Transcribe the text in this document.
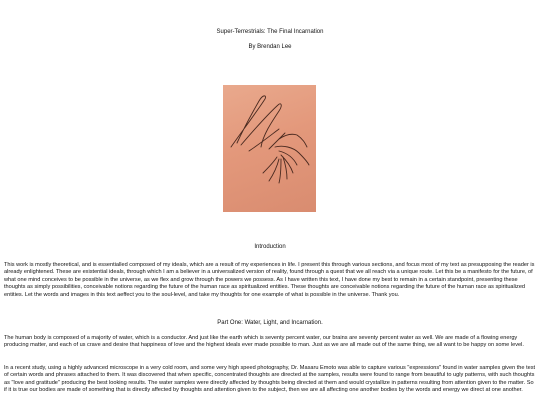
Super-Terrestrials: The Final Incarnation
By Brendan Lee
Introduction

This work is mostly theoretical, and is essentialled composed of my ideals, which are a result of my experiences in life. I present this through various sections, and focus most of my text as presupposing the reader is already enlightened. These are existential ideals, through which I am a believer in a universalized version of reality, found through a quest that we all reach via a unique route. Let this be a manifesto for the future, of what one mind conceives to be possible in the universe, as we flex and grow through the powers we possess. As I have written this text, I have done my best to remain in a certain standpoint, presenting these thoughts as simply possibilities, conceivable notions regarding the future of the human race as spiritualized entities. These thoughts are conceivable notions regarding the future of the human race as spiritualized entities. Let the words and images in this text aeffect you to the soul-level, and take my thoughts for one example of what is possible in the universe. Thank you.

Part One: Water, Light, and Incarnation.

The human body is composed of a majority of water, which is a conductor. And just like the earth which is seventy percent water, our brains are seventy percent water as well. We are made of a flowing energy producing matter, and each of us crave and desire that happiness of love and the highest ideals ever made possible to man. Just as we are all made out of the same thing, we all want to be happy on some level.

In a recent study, using a highly advanced microscope in a very cold room, and some very high speed photography, Dr. Masaru Emoto was able to capture various "expressions" found in water samples given the test of certain words and phrases attached to them. It was discovered that when specific, concentrated thoughts are directed at the samples, results were found to range from beautiful to ugly patterns, with such thoughts as "love and gratitude" producing the best looking results. The water samples were directly affected by thoughts being directed at them and would crystallize in patterns resulting from attention given to the matter. So if it is true our bodies are made of something that is directly affected by thoughts and attention given to the subject, then we are all affecting one another bodies by the words and energy we direct at one another.
